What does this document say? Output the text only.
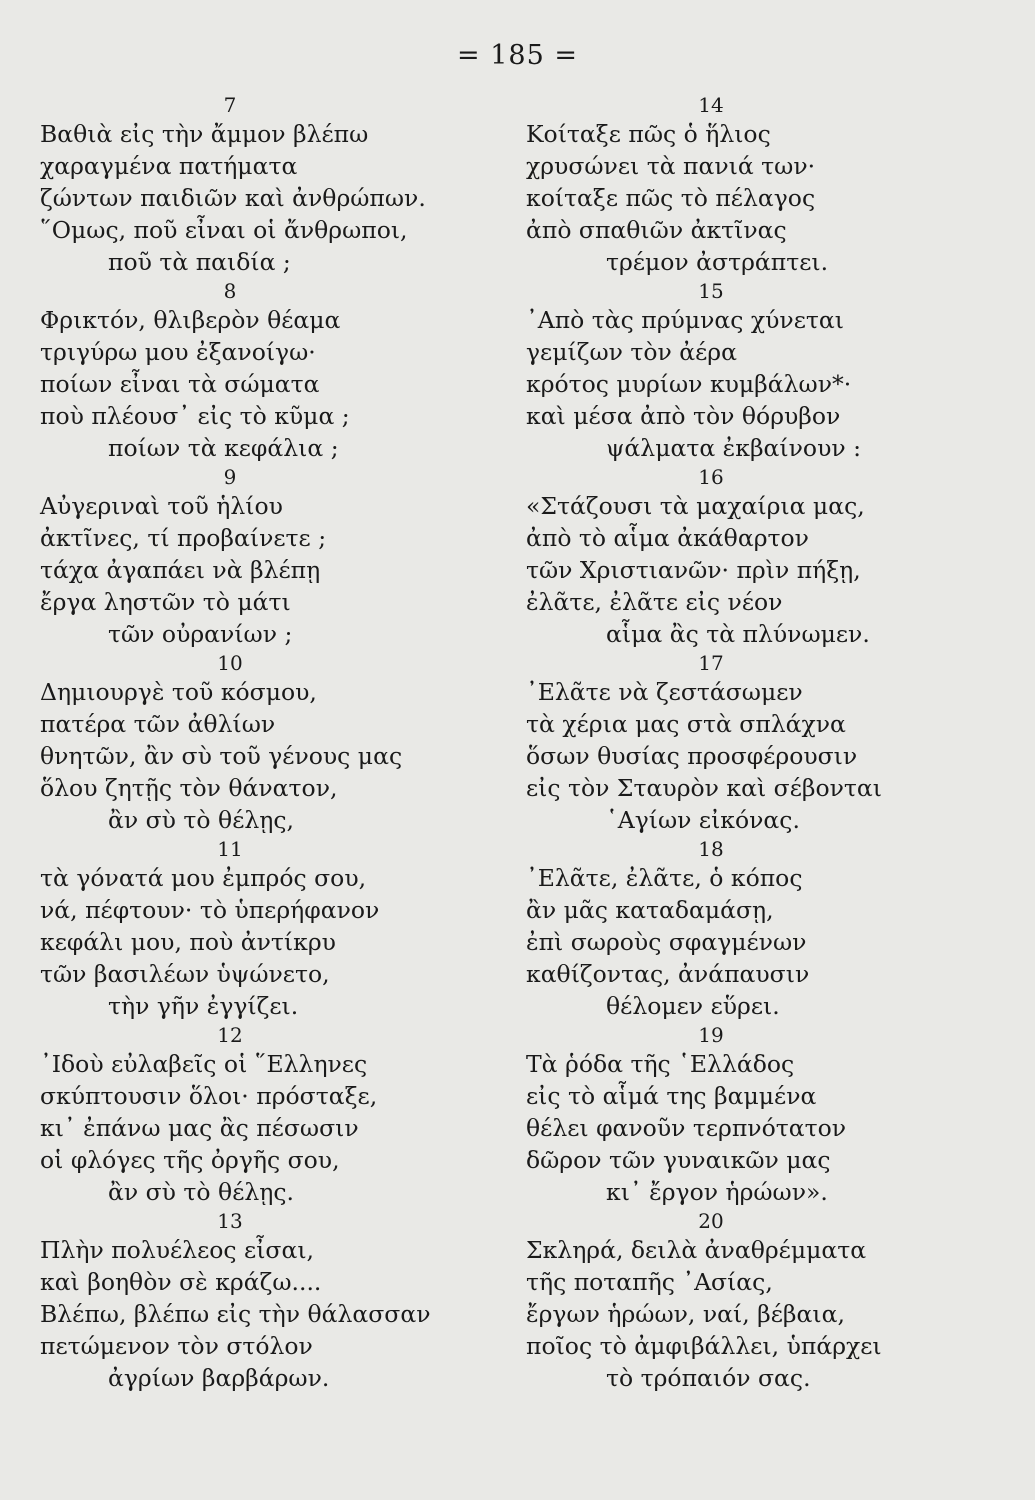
= 185 =
7
Βαθιὰ εἰς τὴν ἄμμον βλέπω
χαραγμένα πατήματα
ζώντων παιδιῶν καὶ ἀνθρώπων.
῞Ομως, ποῦ εἶναι οἱ ἄνθρωποι,
ποῦ τὰ παιδία ;
8
Φρικτόν, θλιβερὸν θέαμα
τριγύρω μου ἐξανοίγω·
ποίων εἶναι τὰ σώματα
ποὺ πλέουσ᾽ εἰς τὸ κῦμα ;
ποίων τὰ κεφάλια ;
9
Αὐγεριναὶ τοῦ ἡλίου
ἀκτῖνες, τί προβαίνετε ;
τάχα ἀγαπάει νὰ βλέπῃ
ἔργα ληστῶν τὸ μάτι
τῶν οὐρανίων ;
10
Δημιουργὲ τοῦ κόσμου,
πατέρα τῶν ἀθλίων
θνητῶν, ἂν σὺ τοῦ γένους μας
ὅλου ζητῇς τὸν θάνατον,
ἂν σὺ τὸ θέλῃς,
11
τὰ γόνατά μου ἐμπρός σου,
νά, πέφτουν· τὸ ὑπερήφανον
κεφάλι μου, ποὺ ἀντίκρυ
τῶν βασιλέων ὑψώνετο,
τὴν γῆν ἐγγίζει.
12
᾿Ιδοὺ εὐλαβεῖς οἱ ῞Ελληνες
σκύπτουσιν ὅλοι· πρόσταξε,
κι᾿ ἐπάνω μας ἂς πέσωσιν
οἱ φλόγες τῆς ὀργῆς σου,
ἂν σὺ τὸ θέλῃς.
13
Πλὴν πολυέλεος εἶσαι,
καὶ βοηθὸν σὲ κράζω....
Βλέπω, βλέπω εἰς τὴν θάλασσαν
πετώμενον τὸν στόλον
ἀγρίων βαρβάρων.
14
Κοίταξε πῶς ὁ ἥλιος
χρυσώνει τὰ πανιά των·
κοίταξε πῶς τὸ πέλαγος
ἀπὸ σπαθιῶν ἀκτῖνας
τρέμον ἀστράπτει.
15
᾿Απὸ τὰς πρύμνας χύνεται
γεμίζων τὸν ἀέρα
κρότος μυρίων κυμβάλων*·
καὶ μέσα ἀπὸ τὸν θόρυβον
ψάλματα ἐκβαίνουν :
16
«Στάζουσι τὰ μαχαίρια μας,
ἀπὸ τὸ αἷμα ἀκάθαρτον
τῶν Χριστιανῶν· πρὶν πήξῃ,
ἐλᾶτε, ἐλᾶτε εἰς νέον
αἷμα ἂς τὰ πλύνωμεν.
17
᾿Ελᾶτε νὰ ζεστάσωμεν
τὰ χέρια μας στὰ σπλάχνα
ὅσων θυσίας προσφέρουσιν
εἰς τὸν Σταυρὸν καὶ σέβονται
῾Αγίων εἰκόνας.
18
᾿Ελᾶτε, ἐλᾶτε, ὁ κόπος
ἂν μᾶς καταδαμάσῃ,
ἐπὶ σωροὺς σφαγμένων
καθίζοντας, ἀνάπαυσιν
θέλομεν εὕρει.
19
Τὰ ῥόδα τῆς ῾Ελλάδος
εἰς τὸ αἷμά της βαμμένα
θέλει φανοῦν τερπνότατον
δῶρον τῶν γυναικῶν μας
κι᾿ ἔργον ἡρώων».
20
Σκληρά, δειλὰ ἀναθρέμματα
τῆς ποταπῆς ᾿Ασίας,
ἔργων ἡρώων, ναί, βέβαια,
ποῖος τὸ ἀμφιβάλλει, ὑπάρχει
τὸ τρόπαιόν σας.
